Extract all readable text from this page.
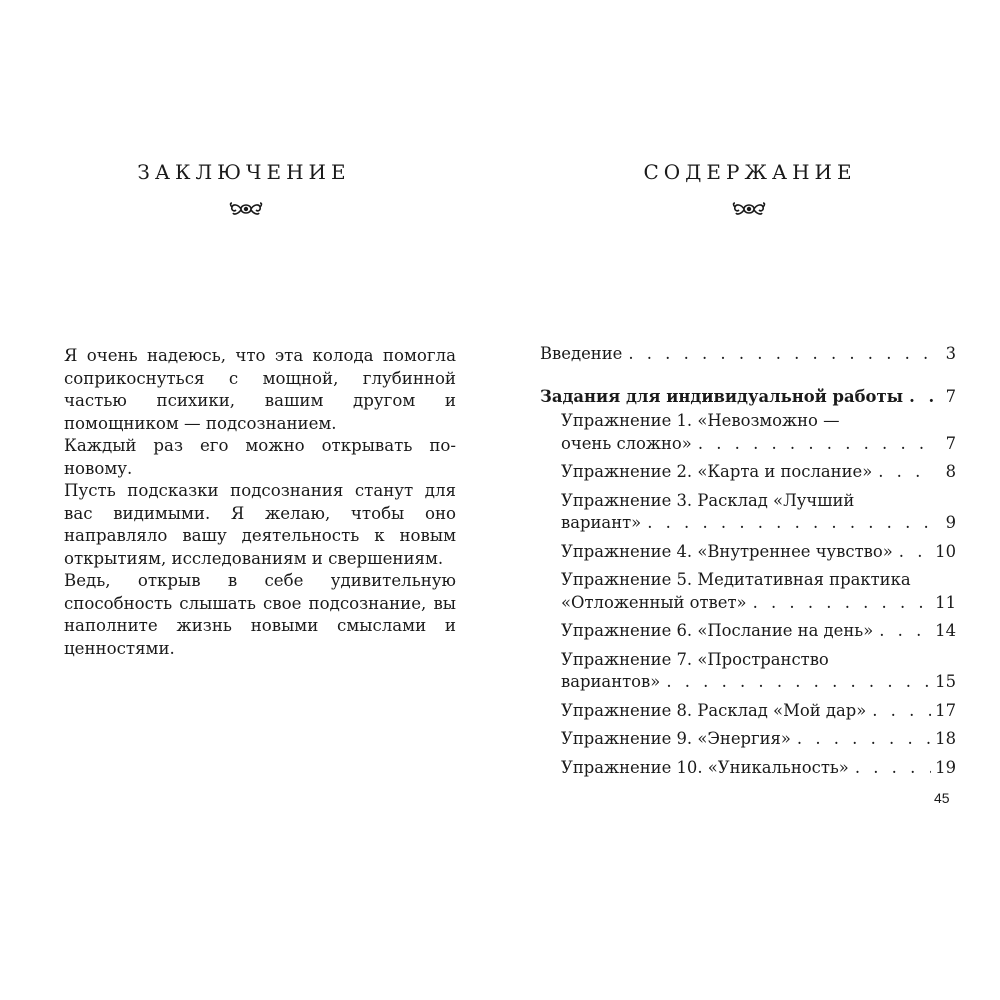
ЗАКЛЮЧЕНИЕ

Я очень надеюсь, что эта колода помогла соприкоснуться с мощной, глубинной частью психики, вашим другом и помощником — подсознанием.

Каждый раз его можно открывать по-новому.

Пусть подсказки подсознания станут для вас видимыми. Я желаю, чтобы оно направляло вашу деятельность к новым открытиям, исследованиям и свершениям.

Ведь, открыв в себе удивительную способность слышать свое подсознание, вы наполните жизнь новыми смыслами и ценностями.

СОДЕРЖАНИЕ
Введение . . .	3
Задания для индивидуальной работы . . .	7
Упражнение 1. «Невозможно —
очень сложно» . . .	7
Упражнение 2. «Карта и послание» . . .	8
Упражнение 3. Расклад «Лучший
вариант» . . .	9
Упражнение 4. «Внутреннее чувство» . . .	10
Упражнение 5. Медитативная практика
«Отложенный ответ» . . .	11
Упражнение 6. «Послание на день» . . .	14
Упражнение 7. «Пространство
вариантов» . . .	15
Упражнение 8. Расклад «Мой дар» . . .	17
Упражнение 9. «Энергия» . . .	18
Упражнение 10. «Уникальность» . . .	19
45
